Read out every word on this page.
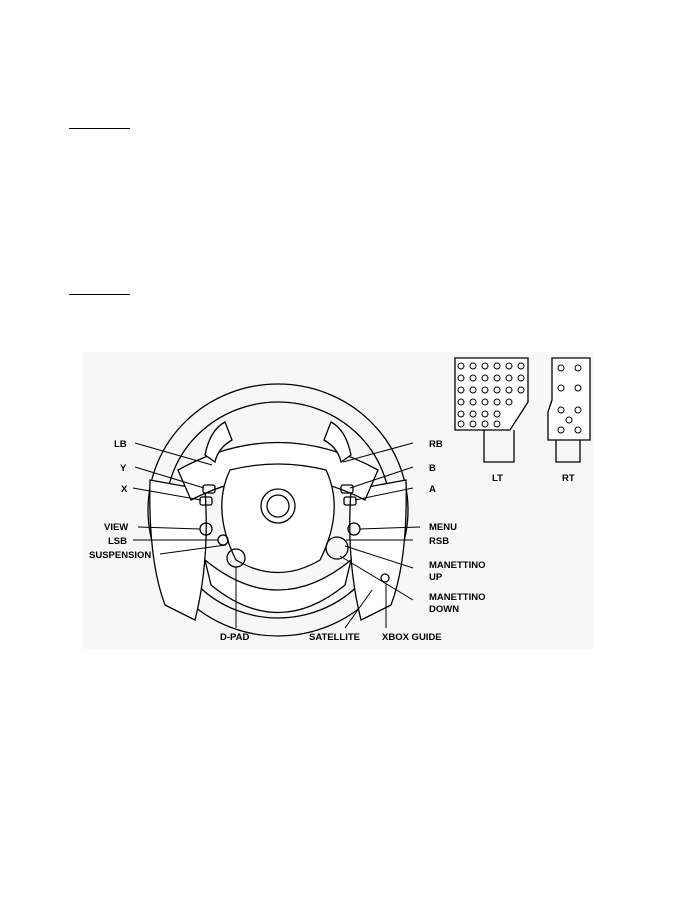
LB
Y
X
VIEW
LSB
SUSPENSION
RB
B
A
MENU
RSB
MANETTINO
UP
MANETTINO
DOWN
D-PAD	SATELLITE XBOX GUIDE
LT	RT
